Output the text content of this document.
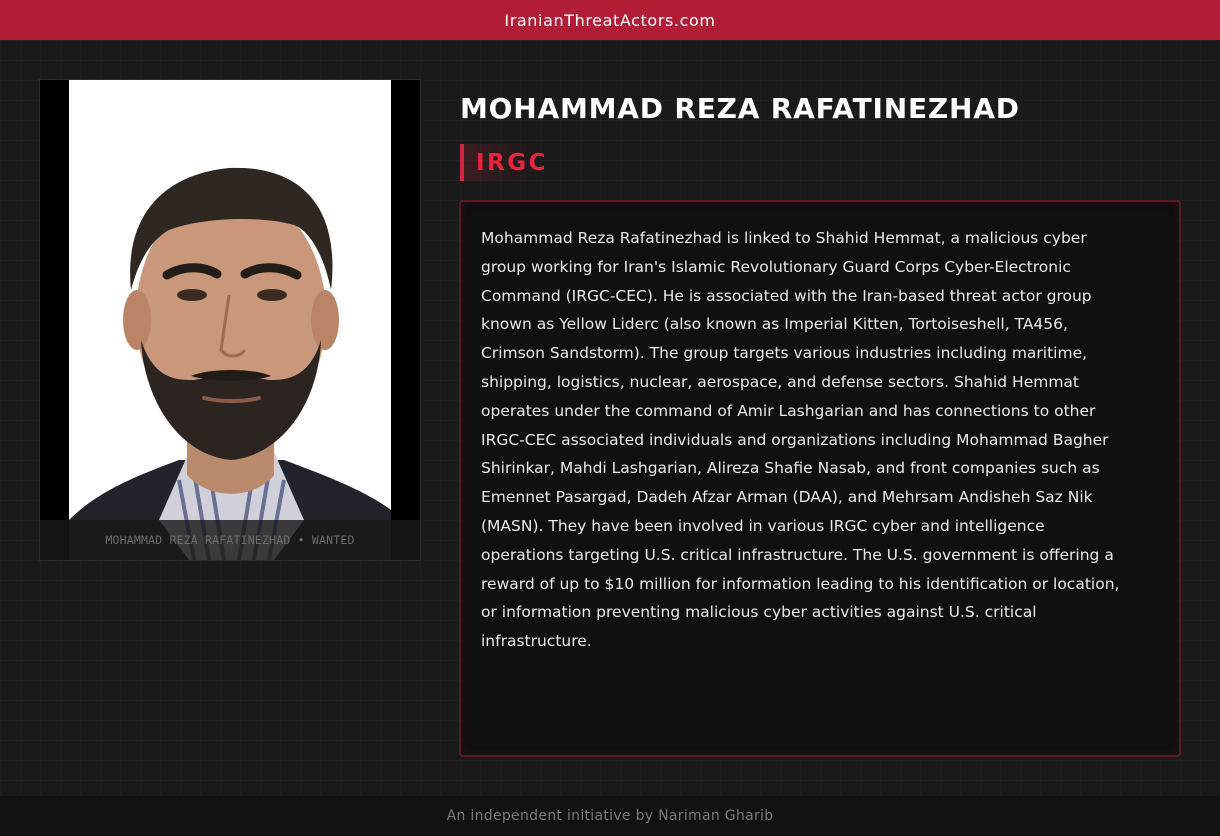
IranianThreatActors.com
MOHAMMAD REZA RAFATINEZHAD • WANTED
MOHAMMAD REZA RAFATINEZHAD
IRGC

Mohammad Reza Rafatinezhad is linked to Shahid Hemmat, a malicious cyber group working for Iran's Islamic Revolutionary Guard Corps Cyber-Electronic Command (IRGC-CEC). He is associated with the Iran-based threat actor group known as Yellow Liderc (also known as Imperial Kitten, Tortoiseshell, TA456, Crimson Sandstorm). The group targets various industries including maritime, shipping, logistics, nuclear, aerospace, and defense sectors. Shahid Hemmat operates under the command of Amir Lashgarian and has connections to other IRGC-CEC associated individuals and organizations including Mohammad Bagher Shirinkar, Mahdi Lashgarian, Alireza Shafie Nasab, and front companies such as Emennet Pasargad, Dadeh Afzar Arman (DAA), and Mehrsam Andisheh Saz Nik (MASN). They have been involved in various IRGC cyber and intelligence operations targeting U.S. critical infrastructure. The U.S. government is offering a reward of up to $10 million for information leading to his identification or location, or information preventing malicious cyber activities against U.S. critical infrastructure.

An independent initiative by Nariman Gharib
